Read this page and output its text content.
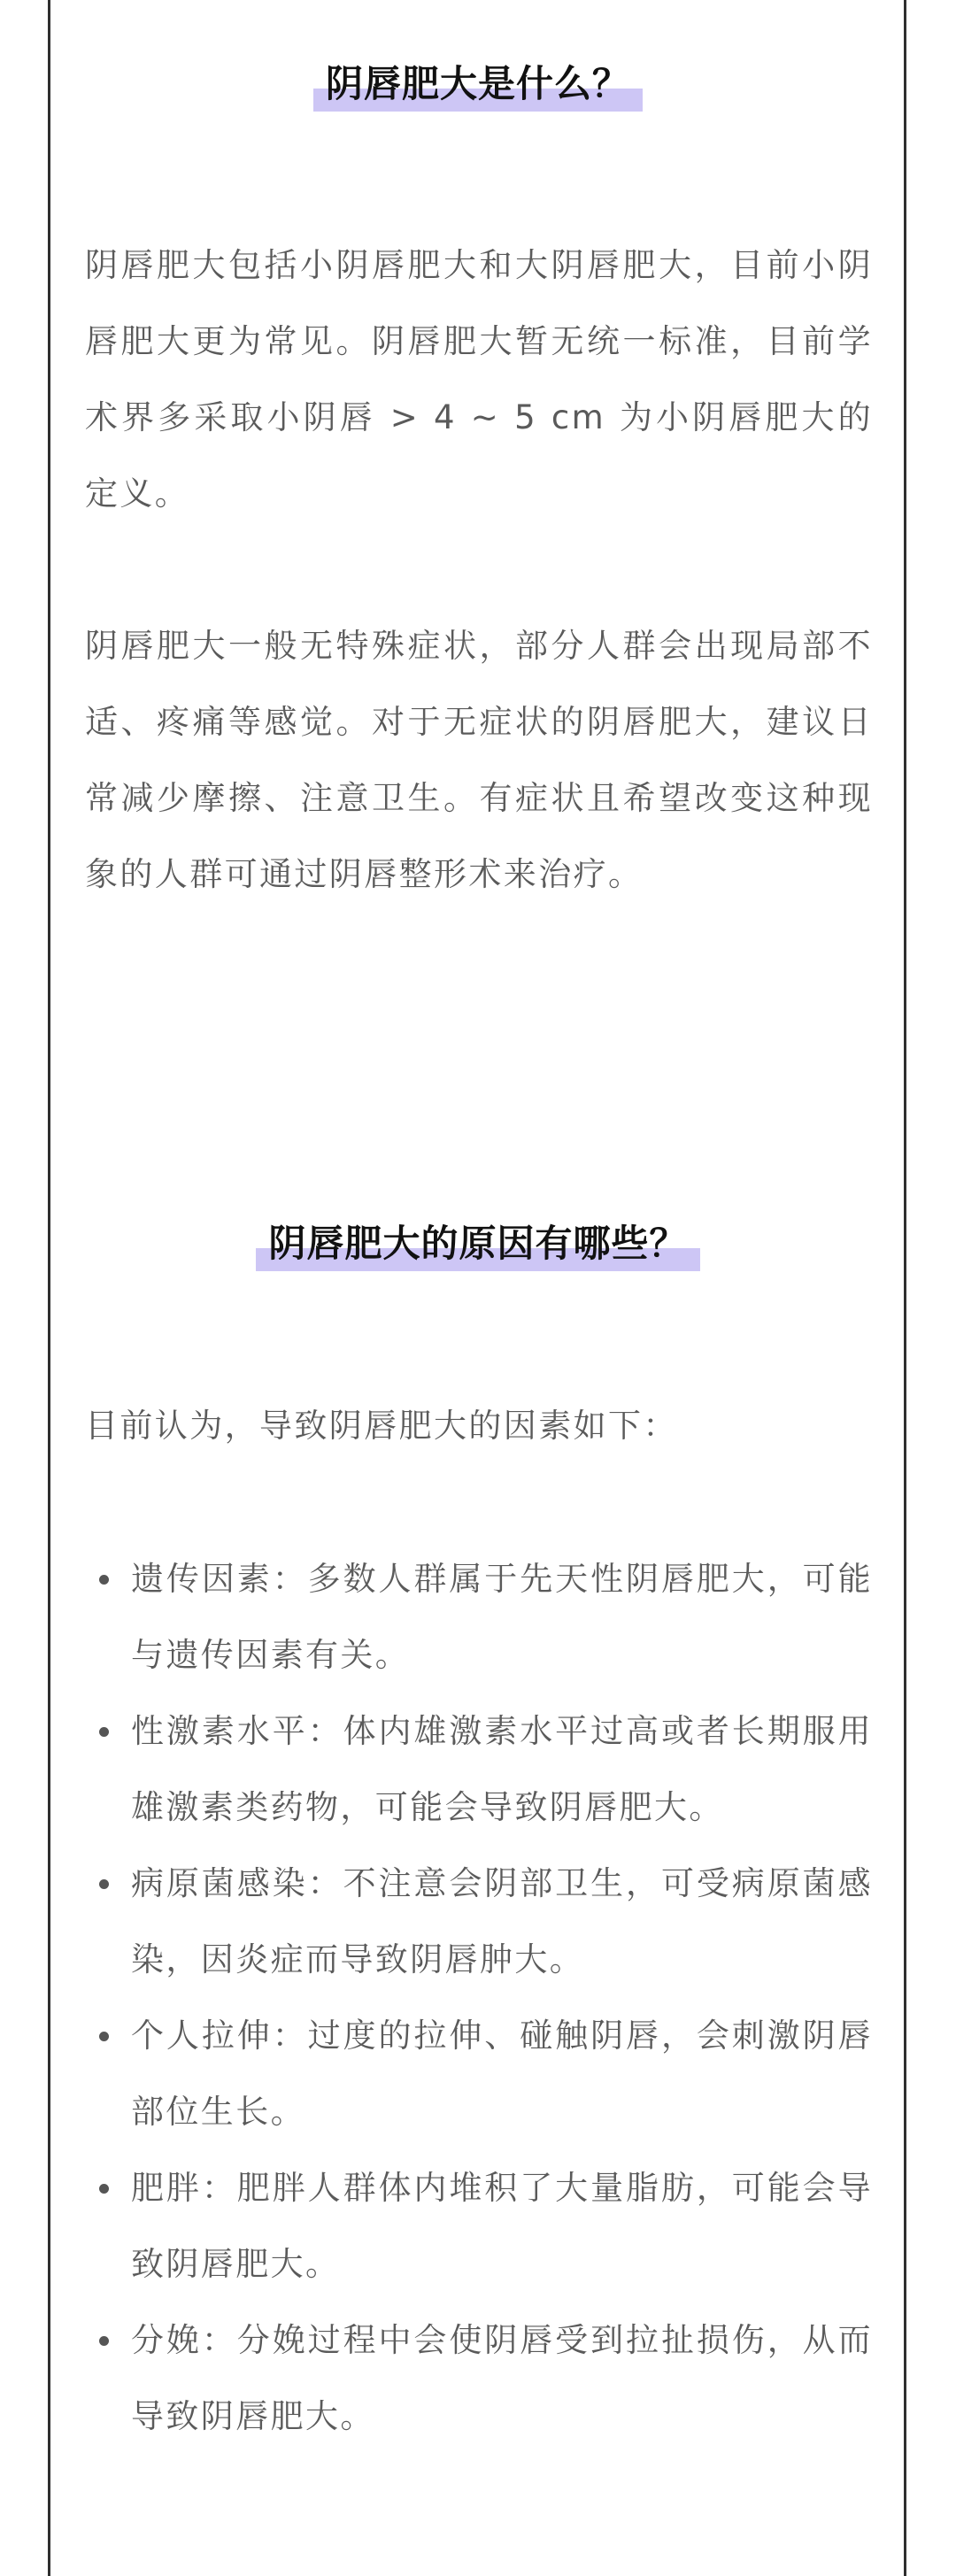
阴唇肥大是什么？
阴唇肥大包括小阴唇肥大和大阴唇肥大，目前小阴唇肥大更为常见。阴唇肥大暂无统一标准，目前学术界多采取小阴唇 > 4 ~ 5 cm 为小阴唇肥大的定义。
阴唇肥大一般无特殊症状，部分人群会出现局部不适、疼痛等感觉。对于无症状的阴唇肥大，建议日常减少摩擦、注意卫生。有症状且希望改变这种现象的人群可通过阴唇整形术来治疗。
阴唇肥大的原因有哪些？
目前认为，导致阴唇肥大的因素如下：
遗传因素：多数人群属于先天性阴唇肥大，可能与遗传因素有关。
性激素水平：体内雄激素水平过高或者长期服用雄激素类药物，可能会导致阴唇肥大。
病原菌感染：不注意会阴部卫生，可受病原菌感染，因炎症而导致阴唇肿大。
个人拉伸：过度的拉伸、碰触阴唇，会刺激阴唇部位生长。
肥胖：肥胖人群体内堆积了大量脂肪，可能会导致阴唇肥大。
分娩：分娩过程中会使阴唇受到拉扯损伤，从而导致阴唇肥大。
